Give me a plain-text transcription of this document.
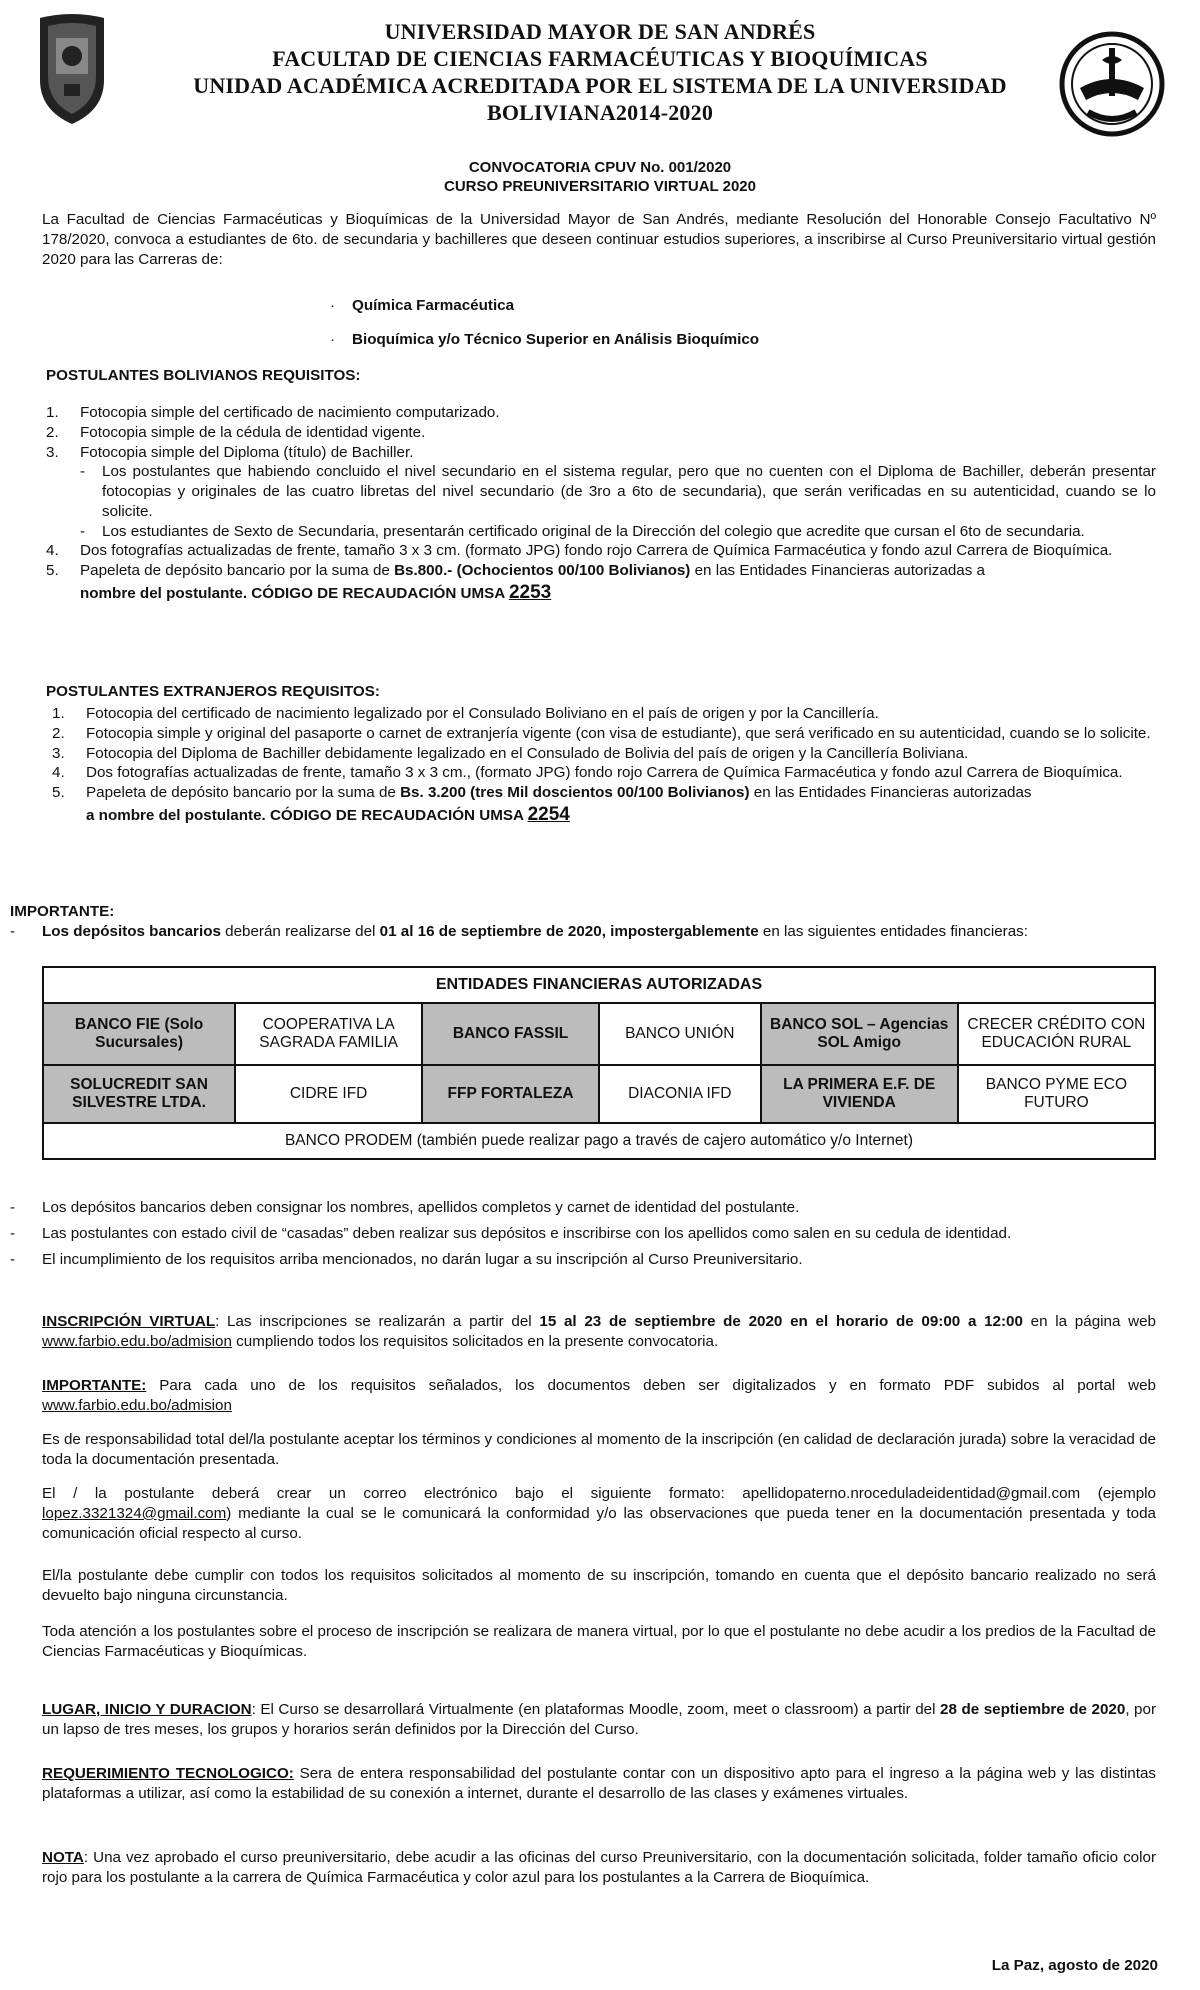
UNIVERSIDAD MAYOR DE SAN ANDRÉS
FACULTAD DE CIENCIAS FARMACÉUTICAS Y BIOQUÍMICAS
UNIDAD ACADÉMICA ACREDITADA POR EL SISTEMA DE LA UNIVERSIDAD
BOLIVIANA2014-2020
CONVOCATORIA CPUV No. 001/2020
CURSO PREUNIVERSITARIO VIRTUAL 2020
La Facultad de Ciencias Farmacéuticas y Bioquímicas de la Universidad Mayor de San Andrés, mediante Resolución del Honorable Consejo Facultativo Nº 178/2020, convoca a estudiantes de 6to. de secundaria y bachilleres que deseen continuar estudios superiores, a inscribirse al Curso Preuniversitario virtual gestión 2020 para las Carreras de:
·	Química Farmacéutica
·	Bioquímica y/o Técnico Superior en Análisis Bioquímico
POSTULANTES BOLIVIANOS REQUISITOS:
1.	Fotocopia simple del certificado de nacimiento computarizado.
2.	Fotocopia simple de la cédula de identidad vigente.
3.	Fotocopia simple del Diploma (título) de Bachiller.
-	Los postulantes que habiendo concluido el nivel secundario en el sistema regular, pero que no cuenten con el Diploma de Bachiller, deberán presentar fotocopias y originales de las cuatro libretas del nivel secundario (de 3ro a 6to de secundaria), que serán verificadas en su autenticidad, cuando se lo solicite.
-	Los estudiantes de Sexto de Secundaria, presentarán certificado original de la Dirección del colegio que acredite que cursan el 6to de secundaria.
4.	Dos fotografías actualizadas de frente, tamaño 3 x 3 cm. (formato JPG) fondo rojo Carrera de Química Farmacéutica y fondo azul Carrera de Bioquímica.
5.	Papeleta de depósito bancario por la suma de Bs.800.- (Ochocientos 00/100 Bolivianos) en las Entidades Financieras autorizadas a
nombre del postulante. CÓDIGO DE RECAUDACIÓN UMSA 2253
POSTULANTES EXTRANJEROS REQUISITOS:
1.	Fotocopia del certificado de nacimiento legalizado por el Consulado Boliviano en el país de origen y por la Cancillería.
2.	Fotocopia simple y original del pasaporte o carnet de extranjería vigente (con visa de estudiante), que será verificado en su autenticidad, cuando se lo solicite.
3.	Fotocopia del Diploma de Bachiller debidamente legalizado en el Consulado de Bolivia del país de origen y la Cancillería Boliviana.
4.	Dos fotografías actualizadas de frente, tamaño 3 x 3 cm., (formato JPG) fondo rojo Carrera de Química Farmacéutica y fondo azul Carrera de Bioquímica.
5.	Papeleta de depósito bancario por la suma de Bs. 3.200 (tres Mil doscientos 00/100 Bolivianos) en las Entidades Financieras autorizadas
a nombre del postulante. CÓDIGO DE RECAUDACIÓN UMSA 2254
IMPORTANTE:
-	Los depósitos bancarios deberán realizarse del 01 al 16 de septiembre de 2020, impostergablemente en las siguientes entidades financieras:
ENTIDADES FINANCIERAS AUTORIZADAS					
BANCO FIE (Solo Sucursales)	COOPERATIVA LA SAGRADA FAMILIA	BANCO FASSIL	BANCO UNIÓN	BANCO SOL – Agencias SOL Amigo	CRECER CRÉDITO CON EDUCACIÓN RURAL
SOLUCREDIT SAN SILVESTRE LTDA.	CIDRE IFD	FFP FORTALEZA	DIACONIA IFD	LA PRIMERA E.F. DE VIVIENDA	BANCO PYME ECO FUTURO
BANCO PRODEM (también puede realizar pago a través de cajero automático y/o Internet)					
-	Los depósitos bancarios deben consignar los nombres, apellidos completos y carnet de identidad del postulante.
-	Las postulantes con estado civil de “casadas” deben realizar sus depósitos e inscribirse con los apellidos como salen en su cedula de identidad.
-	El incumplimiento de los requisitos arriba mencionados, no darán lugar a su inscripción al Curso Preuniversitario.
INSCRIPCIÓN VIRTUAL: Las inscripciones se realizarán a partir del 15 al 23 de septiembre de 2020 en el horario de 09:00 a 12:00 en la página web www.farbio.edu.bo/admision cumpliendo todos los requisitos solicitados en la presente convocatoria.
IMPORTANTE: Para cada uno de los requisitos señalados, los documentos deben ser digitalizados y en formato PDF subidos al portal web www.farbio.edu.bo/admision
Es de responsabilidad total del/la postulante aceptar los términos y condiciones al momento de la inscripción (en calidad de declaración jurada) sobre la veracidad de toda la documentación presentada.
El / la postulante deberá crear un correo electrónico bajo el siguiente formato: apellidopaterno.nroceduladeidentidad@gmail.com (ejemplo lopez.3321324@gmail.com) mediante la cual se le comunicará la conformidad y/o las observaciones que pueda tener en la documentación presentada y toda comunicación oficial respecto al curso.
El/la postulante debe cumplir con todos los requisitos solicitados al momento de su inscripción, tomando en cuenta que el depósito bancario realizado no será devuelto bajo ninguna circunstancia.
Toda atención a los postulantes sobre el proceso de inscripción se realizara de manera virtual, por lo que el postulante no debe acudir a los predios de la Facultad de Ciencias Farmacéuticas y Bioquímicas.
LUGAR, INICIO Y DURACION: El Curso se desarrollará Virtualmente (en plataformas Moodle, zoom, meet o classroom) a partir del 28 de septiembre de 2020, por un lapso de tres meses, los grupos y horarios serán definidos por la Dirección del Curso.
REQUERIMIENTO TECNOLOGICO: Sera de entera responsabilidad del postulante contar con un dispositivo apto para el ingreso a la página web y las distintas plataformas a utilizar, así como la estabilidad de su conexión a internet, durante el desarrollo de las clases y exámenes virtuales.
NOTA: Una vez aprobado el curso preuniversitario, debe acudir a las oficinas del curso Preuniversitario, con la documentación solicitada, folder tamaño oficio color rojo para los postulante a la carrera de Química Farmacéutica y color azul para los postulantes a la Carrera de Bioquímica.
La Paz, agosto de 2020
